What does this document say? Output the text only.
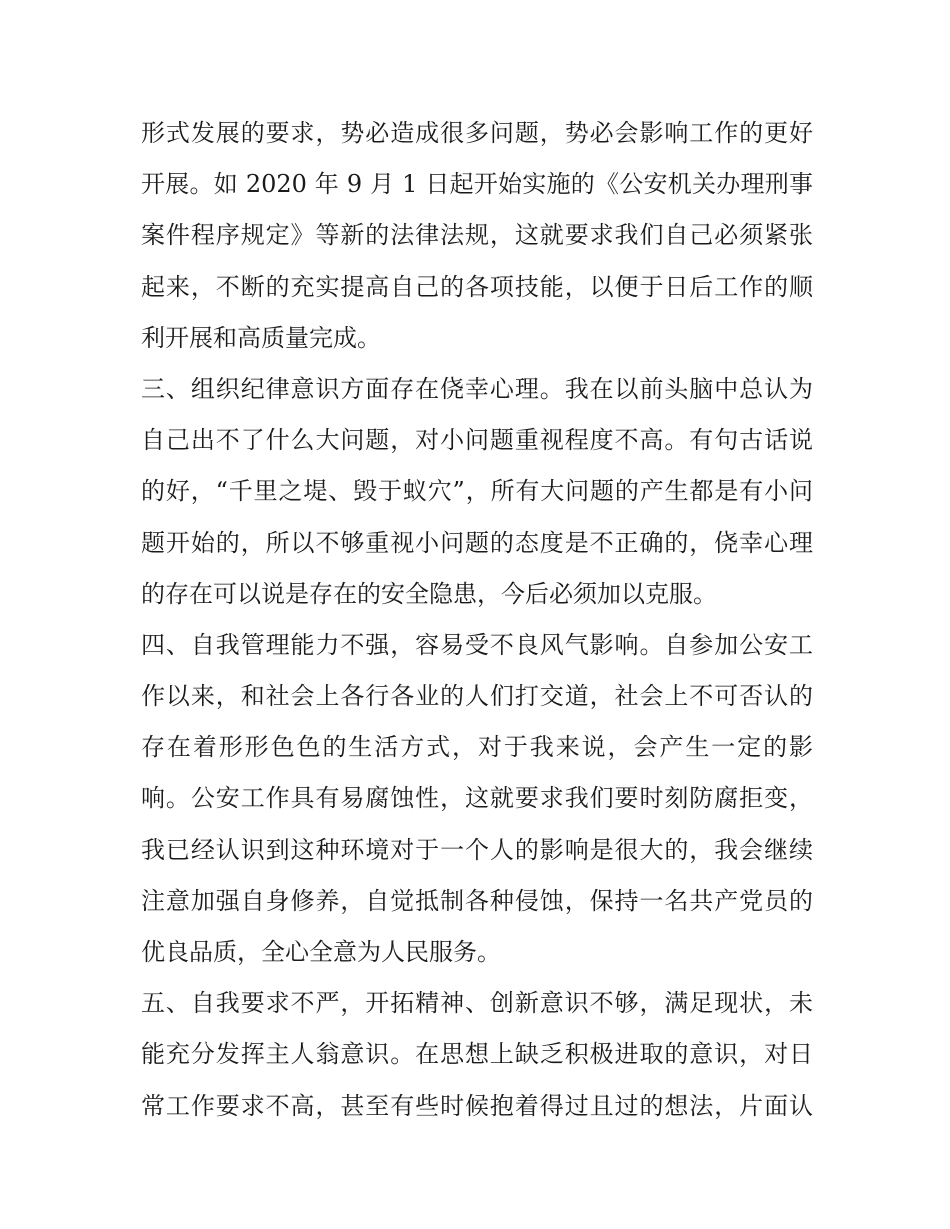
形式发展的要求，势必造成很多问题，势必会影响工作的更好
开展。如 2020 年 9 月 1 日起开始实施的《公安机关办理刑事
案件程序规定》等新的法律法规，这就要求我们自己必须紧张
起来，不断的充实提高自己的各项技能，以便于日后工作的顺
利开展和高质量完成。
三、组织纪律意识方面存在侥幸心理。我在以前头脑中总认为
自己出不了什么大问题，对小问题重视程度不高。有句古话说
的好，“千里之堤、毁于蚁穴”，所有大问题的产生都是有小问
题开始的，所以不够重视小问题的态度是不正确的，侥幸心理
的存在可以说是存在的安全隐患，今后必须加以克服。
四、自我管理能力不强，容易受不良风气影响。自参加公安工
作以来，和社会上各行各业的人们打交道，社会上不可否认的
存在着形形色色的生活方式，对于我来说，会产生一定的影
响。公安工作具有易腐蚀性，这就要求我们要时刻防腐拒变，
我已经认识到这种环境对于一个人的影响是很大的，我会继续
注意加强自身修养，自觉抵制各种侵蚀，保持一名共产党员的
优良品质，全心全意为人民服务。
五、自我要求不严，开拓精神、创新意识不够，满足现状，未
能充分发挥主人翁意识。在思想上缺乏积极进取的意识，对日
常工作要求不高，甚至有些时候抱着得过且过的想法，片面认
